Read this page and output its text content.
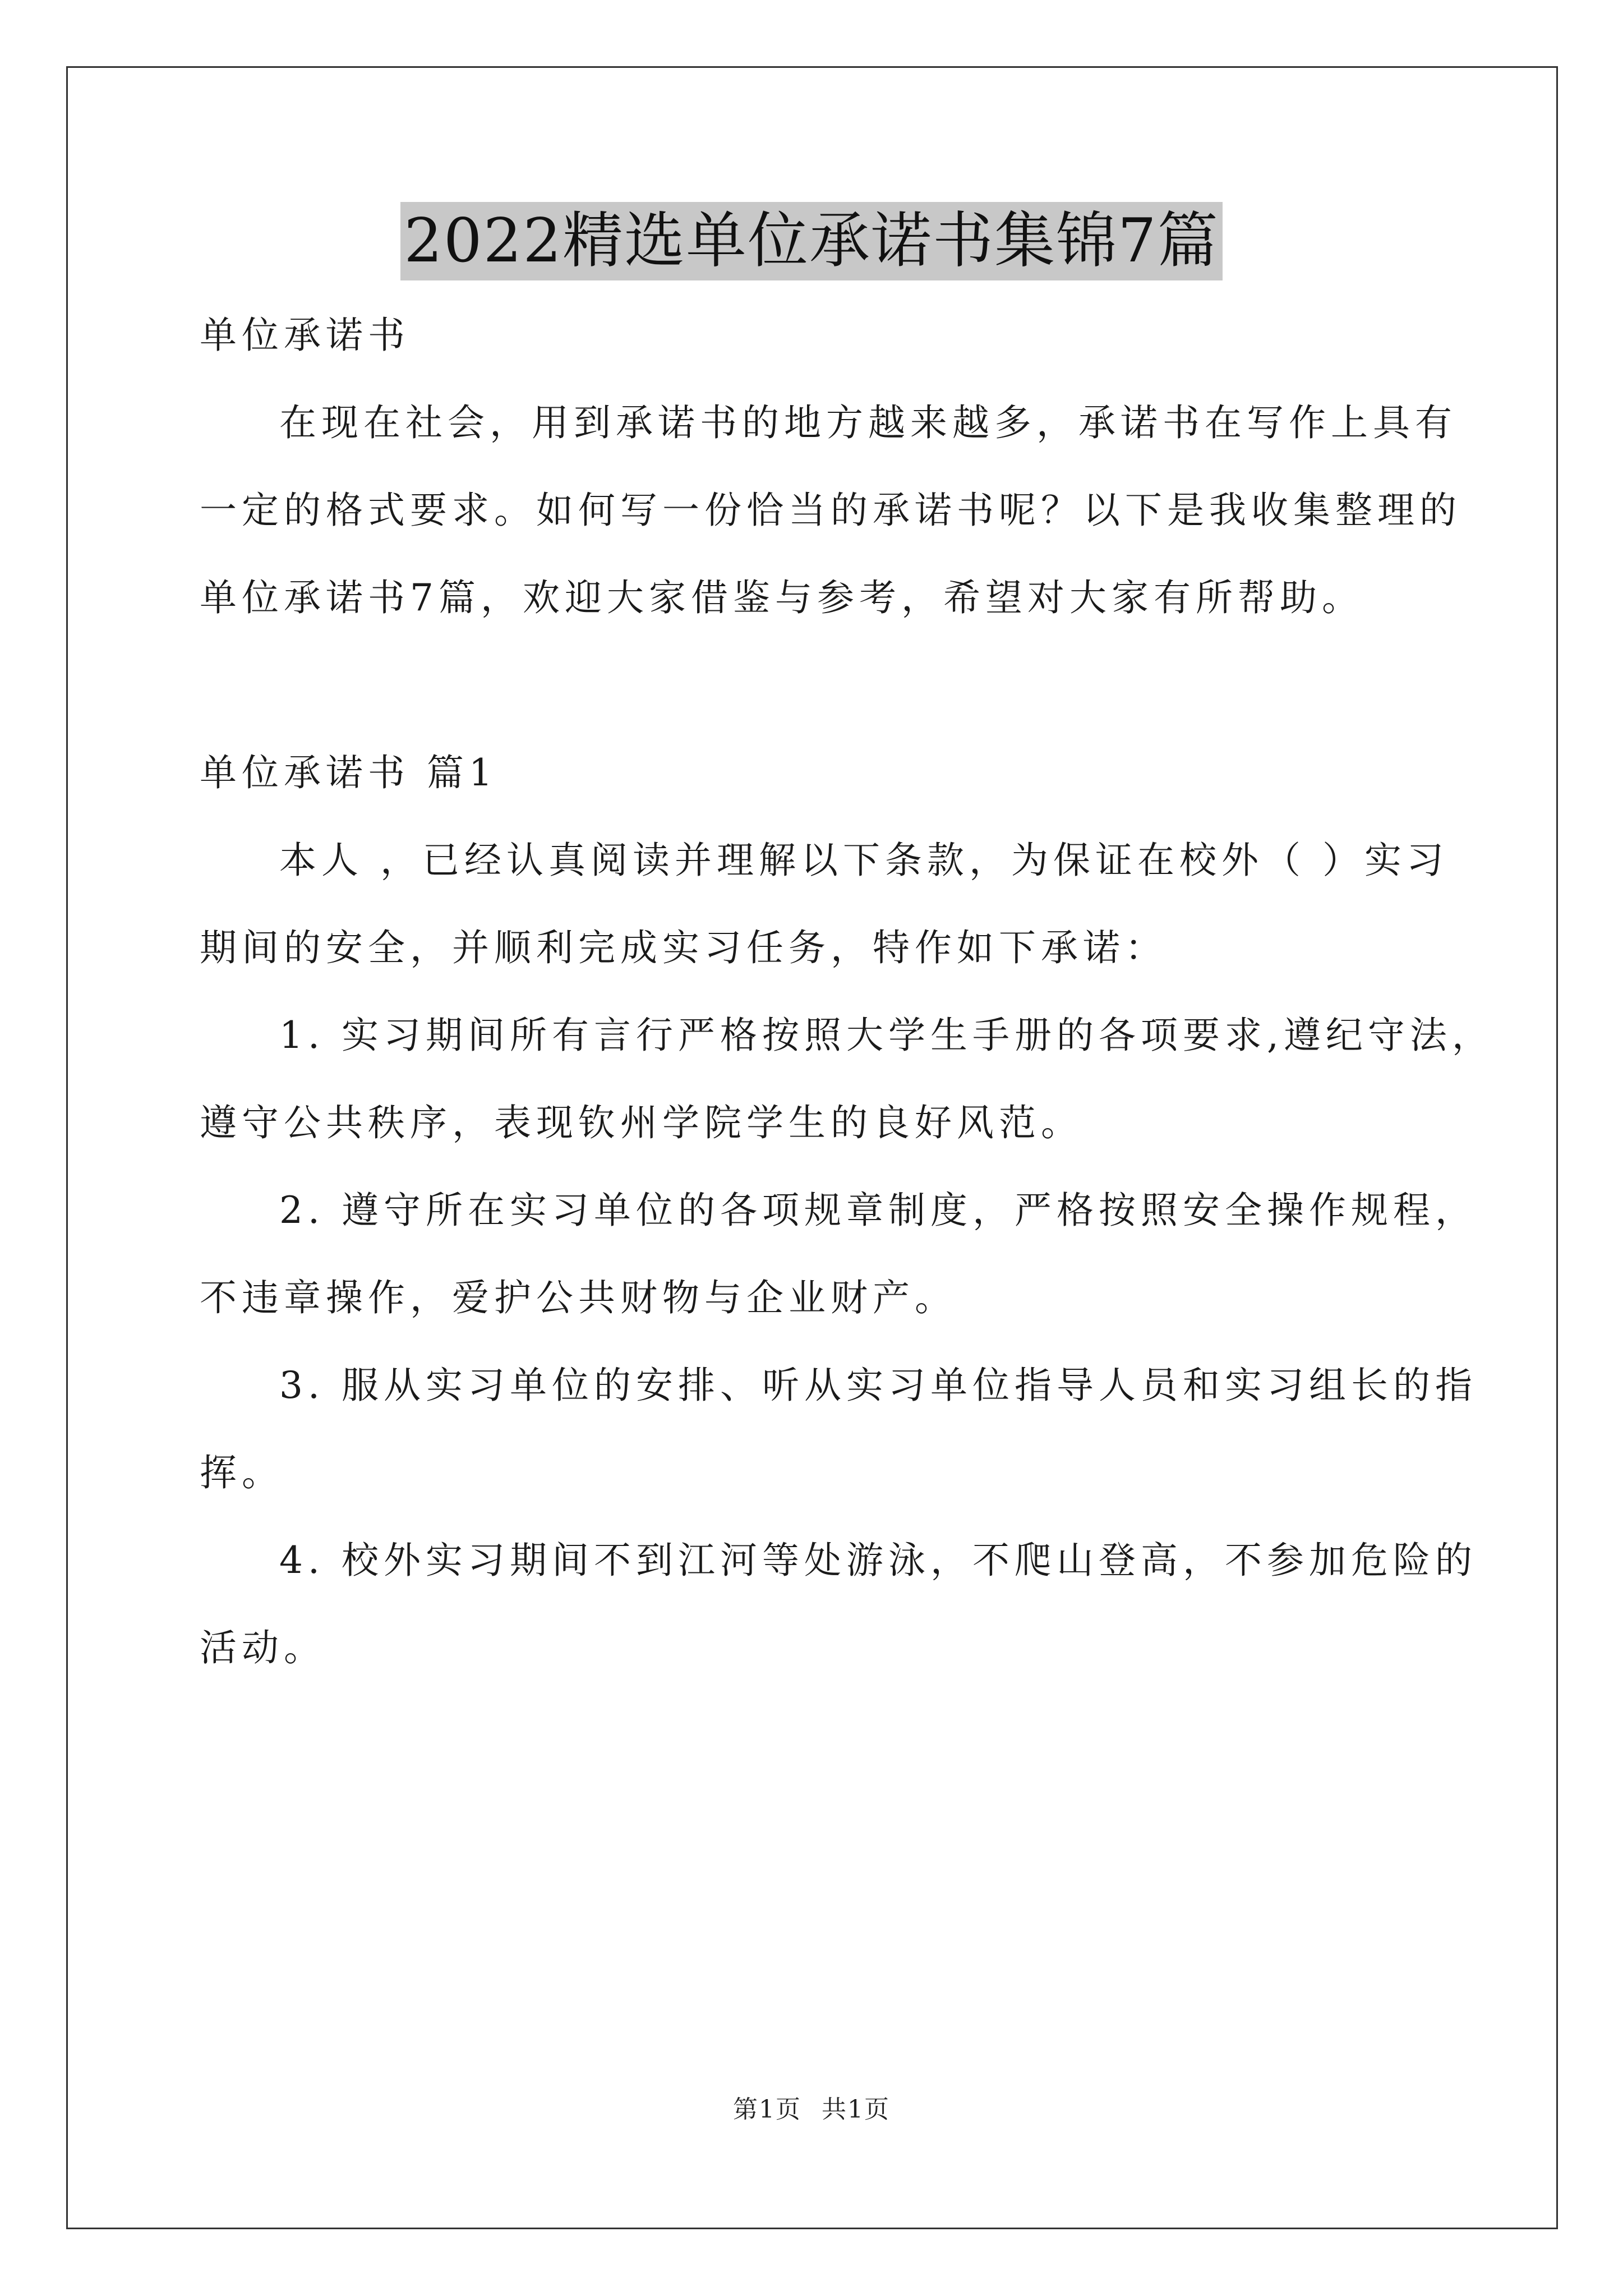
2022精选单位承诺书集锦7篇
单位承诺书
在现在社会，用到承诺书的地方越来越多，承诺书在写作上具有
一定的格式要求。如何写一份恰当的承诺书呢？以下是我收集整理的
单位承诺书7篇，欢迎大家借鉴与参考，希望对大家有所帮助。
单位承诺书 篇1
本人 ，已经认真阅读并理解以下条款，为保证在校外（ ）实习
期间的安全，并顺利完成实习任务，特作如下承诺：
1. 实习期间所有言行严格按照大学生手册的各项要求,遵纪守法，
遵守公共秩序，表现钦州学院学生的良好风范。
2. 遵守所在实习单位的各项规章制度，严格按照安全操作规程，
不违章操作，爱护公共财物与企业财产。
3. 服从实习单位的安排、听从实习单位指导人员和实习组长的指
挥。
4. 校外实习期间不到江河等处游泳，不爬山登高，不参加危险的
活动。
第1页 共1页
